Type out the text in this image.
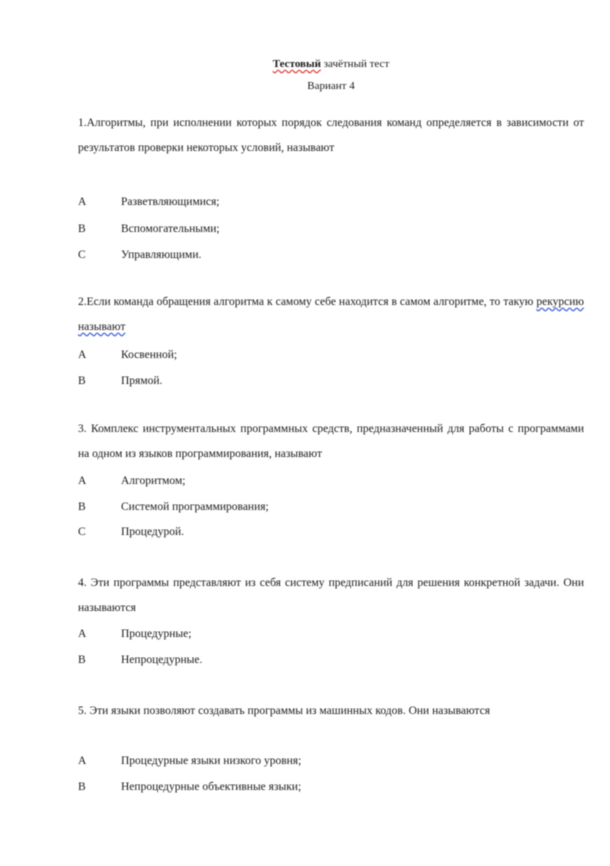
Тестовый зачётный тест
Вариант 4
1.Алгоритмы, при исполнении которых порядок следования команд определяется в зависимости от результатов проверки некоторых условий, называют
A	Разветвляющимися;
B	Вспомогательными;
C	Управляющими.
2.Если команда обращения алгоритма к самому себе находится в самом алгоритме, то такую рекурсию называют
A	Косвенной;
B	Прямой.
3. Комплекс инструментальных программных средств, предназначенный для работы с программами на одном из языков программирования, называют
A	Алгоритмом;
B	Системой программирования;
C	Процедурой.
4. Эти программы представляют из себя систему предписаний для решения конкретной задачи. Они называются
A	Процедурные;
B	Непроцедурные.
5. Эти языки позволяют создавать программы из машинных кодов. Они называются
A	Процедурные языки низкого уровня;
B	Непроцедурные объективные языки;
